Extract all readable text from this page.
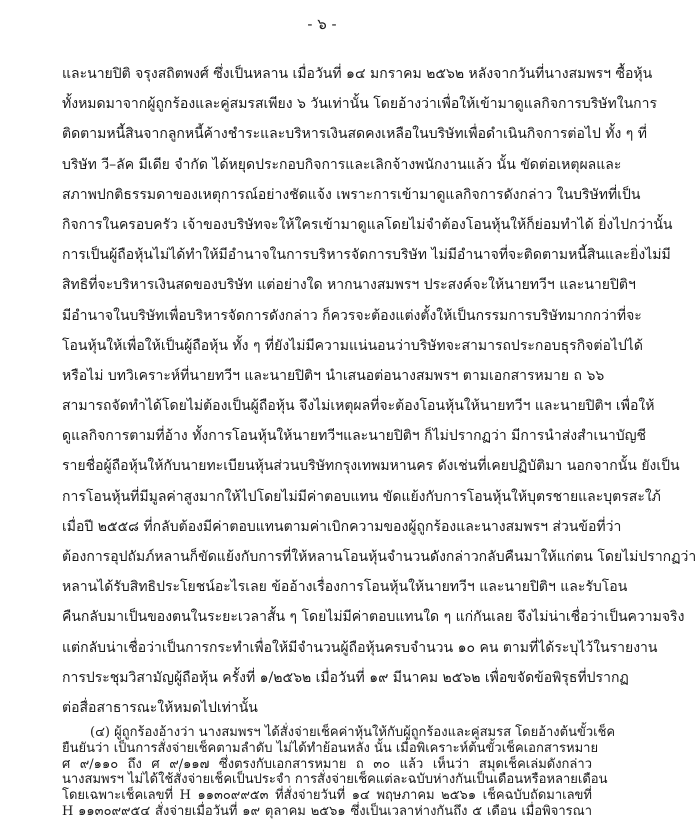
- ๖ -
และนายปิติ จรุงสถิตพงศ์ ซึ่งเป็นหลาน เมื่อวันที่ ๑๔ มกราคม ๒๕๖๒ หลังจากวันที่นางสมพรฯ ซื้อหุ้น
ทั้งหมดมาจากผู้ถูกร้องและคู่สมรสเพียง ๖ วันเท่านั้น โดยอ้างว่าเพื่อให้เข้ามาดูแลกิจการบริษัทในการ
ติดตามหนี้สินจากลูกหนี้ค้างชำระและบริหารเงินสดคงเหลือในบริษัทเพื่อดำเนินกิจการต่อไป ทั้ง ๆ ที่
บริษัท วี–ลัค มีเดีย จำกัด ได้หยุดประกอบกิจการและเลิกจ้างพนักงานแล้ว นั้น ขัดต่อเหตุผลและ
สภาพปกติธรรมดาของเหตุการณ์อย่างชัดแจ้ง เพราะการเข้ามาดูแลกิจการดังกล่าว ในบริษัทที่เป็น
กิจการในครอบครัว เจ้าของบริษัทจะให้ใครเข้ามาดูแลโดยไม่จำต้องโอนหุ้นให้ก็ย่อมทำได้ ยิ่งไปกว่านั้น
การเป็นผู้ถือหุ้นไม่ได้ทำให้มีอำนาจในการบริหารจัดการบริษัท ไม่มีอำนาจที่จะติดตามหนี้สินและยิ่งไม่มี
สิทธิที่จะบริหารเงินสดของบริษัท แต่อย่างใด หากนางสมพรฯ ประสงค์จะให้นายทวีฯ และนายปิติฯ
มีอำนาจในบริษัทเพื่อบริหารจัดการดังกล่าว ก็ควรจะต้องแต่งตั้งให้เป็นกรรมการบริษัทมากกว่าที่จะ
โอนหุ้นให้เพื่อให้เป็นผู้ถือหุ้น ทั้ง ๆ ที่ยังไม่มีความแน่นอนว่าบริษัทจะสามารถประกอบธุรกิจต่อไปได้
หรือไม่ บทวิเคราะห์ที่นายทวีฯ และนายปิติฯ นำเสนอต่อนางสมพรฯ ตามเอกสารหมาย ถ ๖๖
สามารถจัดทำได้โดยไม่ต้องเป็นผู้ถือหุ้น จึงไม่เหตุผลที่จะต้องโอนหุ้นให้นายทวีฯ และนายปิติฯ เพื่อให้
ดูแลกิจการตามที่อ้าง ทั้งการโอนหุ้นให้นายทวีฯและนายปิติฯ ก็ไม่ปรากฏว่า มีการนำส่งสำเนาบัญชี
รายชื่อผู้ถือหุ้นให้กับนายทะเบียนหุ้นส่วนบริษัทกรุงเทพมหานคร ดังเช่นที่เคยปฏิบัติมา นอกจากนั้น ยังเป็น
การโอนหุ้นที่มีมูลค่าสูงมากให้ไปโดยไม่มีค่าตอบแทน ขัดแย้งกับการโอนหุ้นให้บุตรชายและบุตรสะใภ้
เมื่อปี ๒๕๕๘ ที่กลับต้องมีค่าตอบแทนตามค่าเบิกความของผู้ถูกร้องและนางสมพรฯ ส่วนข้อที่ว่า
ต้องการอุปถัมภ์หลานก็ขัดแย้งกับการที่ให้หลานโอนหุ้นจำนวนดังกล่าวกลับคืนมาให้แก่ตน โดยไม่ปรากฏว่า
หลานได้รับสิทธิประโยชน์อะไรเลย ข้ออ้างเรื่องการโอนหุ้นให้นายทวีฯ และนายปิติฯ และรับโอน
คืนกลับมาเป็นของตนในระยะเวลาสั้น ๆ โดยไม่มีค่าตอบแทนใด ๆ แก่กันเลย จึงไม่น่าเชื่อว่าเป็นความจริง
แต่กลับน่าเชื่อว่าเป็นการกระทำเพื่อให้มีจำนวนผู้ถือหุ้นครบจำนวน ๑๐ คน ตามที่ได้ระบุไว้ในรายงาน
การประชุมวิสามัญผู้ถือหุ้น ครั้งที่ ๑/๒๕๖๒ เมื่อวันที่ ๑๙ มีนาคม ๒๕๖๒ เพื่อขจัดข้อพิรุธที่ปรากฏ
ต่อสื่อสาธารณะให้หมดไปเท่านั้น
(๔) ผู้ถูกร้องอ้างว่า นางสมพรฯ ได้สั่งจ่ายเช็คค่าหุ้นให้กับผู้ถูกร้องและคู่สมรส โดยอ้างต้นขั้วเช็ค
ยืนยันว่า เป็นการสั่งจ่ายเช็คตามลำดับ ไม่ได้ทำย้อนหลัง นั้น เมื่อพิเคราะห์ต้นขั้วเช็คเอกสารหมาย
ศ ๙/๑๑๐ ถึง ศ ๙/๑๑๗ ซึ่งตรงกับเอกสารหมาย ถ ๓๐ แล้ว เห็นว่า สมุดเช็คเล่มดังกล่าว
นางสมพรฯ ไม่ได้ใช้สั่งจ่ายเช็คเป็นประจำ การสั่งจ่ายเช็คแต่ละฉบับห่างกันเป็นเดือนหรือหลายเดือน
โดยเฉพาะเช็คเลขที่ H ๑๑๓๐๙๙๕๓ ที่สั่งจ่ายวันที่ ๑๔ พฤษภาคม ๒๕๖๑ เช็คฉบับถัดมาเลขที่
H ๑๑๓๐๙๙๕๔ สั่งจ่ายเมื่อวันที่ ๑๙ ตุลาคม ๒๕๖๑ ซึ่งเป็นเวลาห่างกันถึง ๕ เดือน เมื่อพิจารณา
